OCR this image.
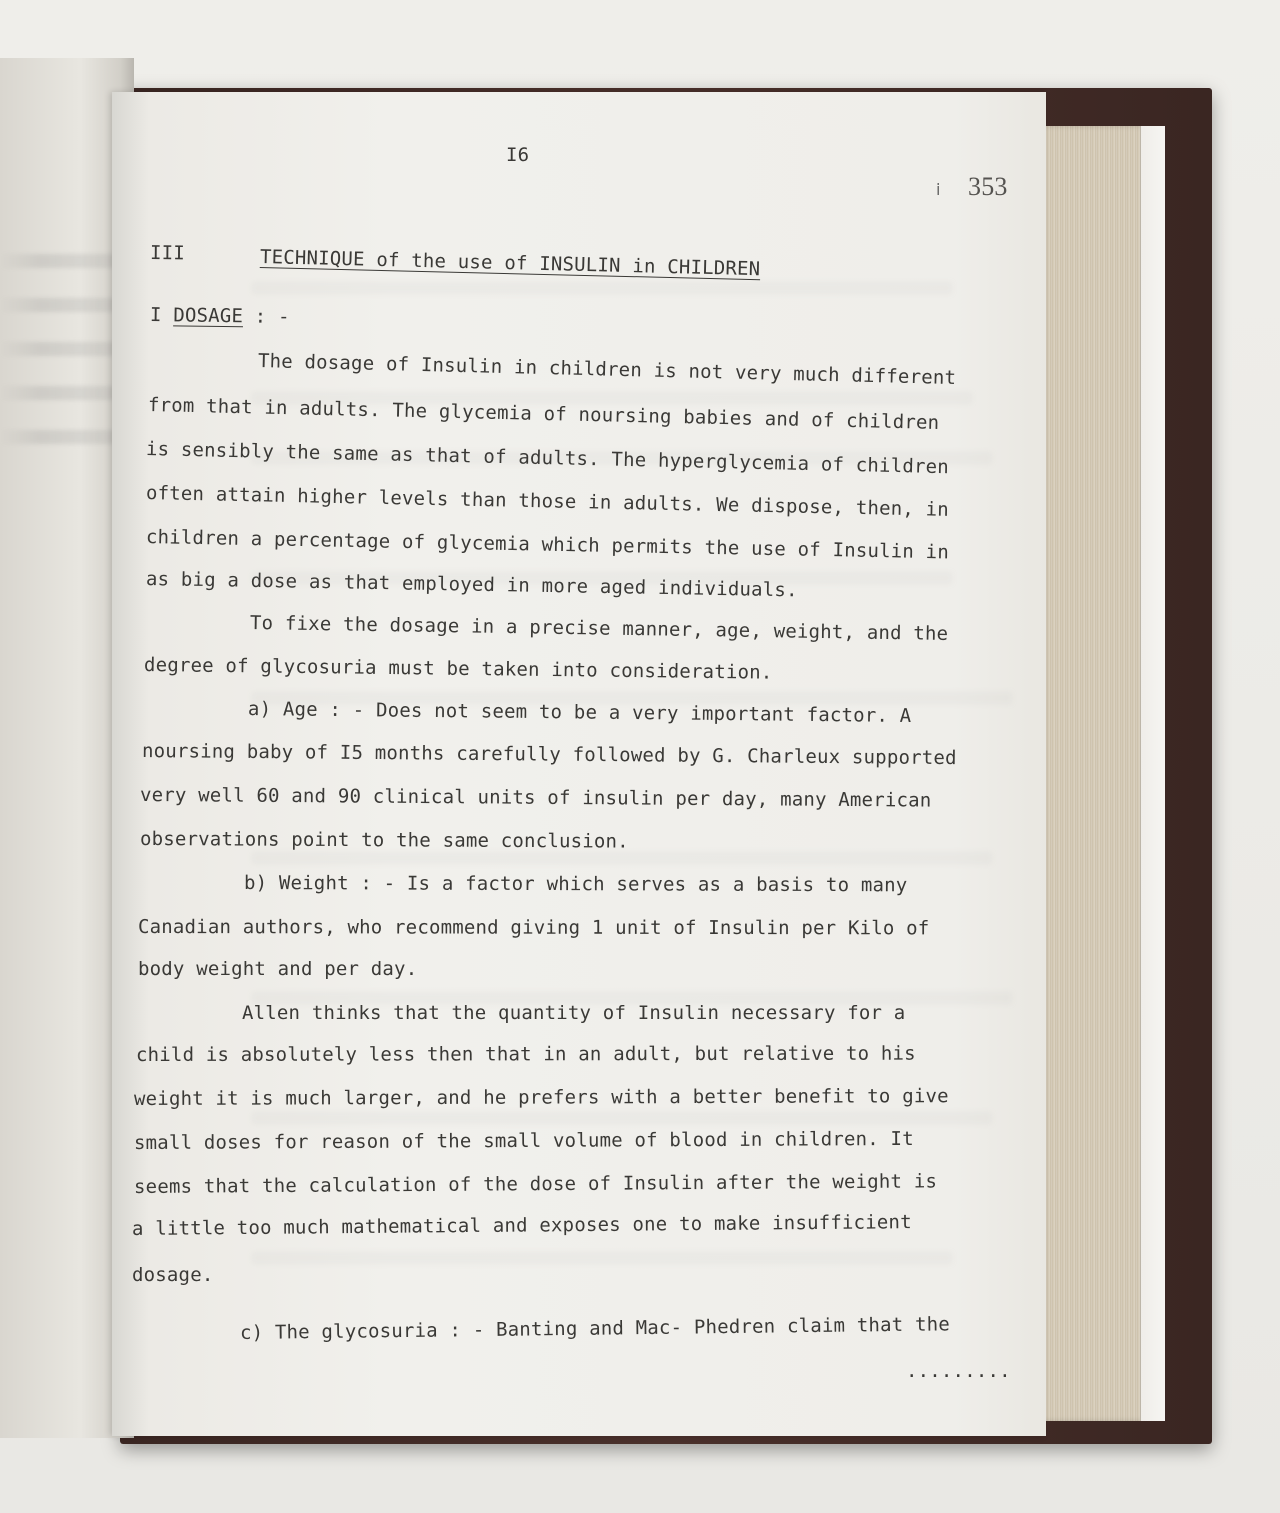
I6
ⅰ 353
III	TECHNIQUE of the use of INSULIN in CHILDREN
I DOSAGE : -
The dosage of Insulin in children is not very much different
from that in adults. The glycemia of noursing babies and of children
is sensibly the same as that of adults. The hyperglycemia of children
often attain higher levels than those in adults. We dispose, then, in
children a percentage of glycemia which permits the use of Insulin in
as big a dose as that employed in more aged individuals.
To fixe the dosage in a precise manner, age, weight, and the
degree of glycosuria must be taken into consideration.
a) Age : - Does not seem to be a very important factor. A
noursing baby of I5 months carefully followed by G. Charleux supported
very well 60 and 90 clinical units of insulin per day, many American
observations point to the same conclusion.
b) Weight : - Is a factor which serves as a basis to many
Canadian authors, who recommend giving 1 unit of Insulin per Kilo of
body weight and per day.
Allen thinks that the quantity of Insulin necessary for a
child is absolutely less then that in an adult, but relative to his
weight it is much larger, and he prefers with a better benefit to give
small doses for reason of the small volume of blood in children. It
seems that the calculation of the dose of Insulin after the weight is
a little too much mathematical and exposes one to make insufficient
dosage.
c) The glycosuria : - Banting and Mac- Phedren claim that the
.........
